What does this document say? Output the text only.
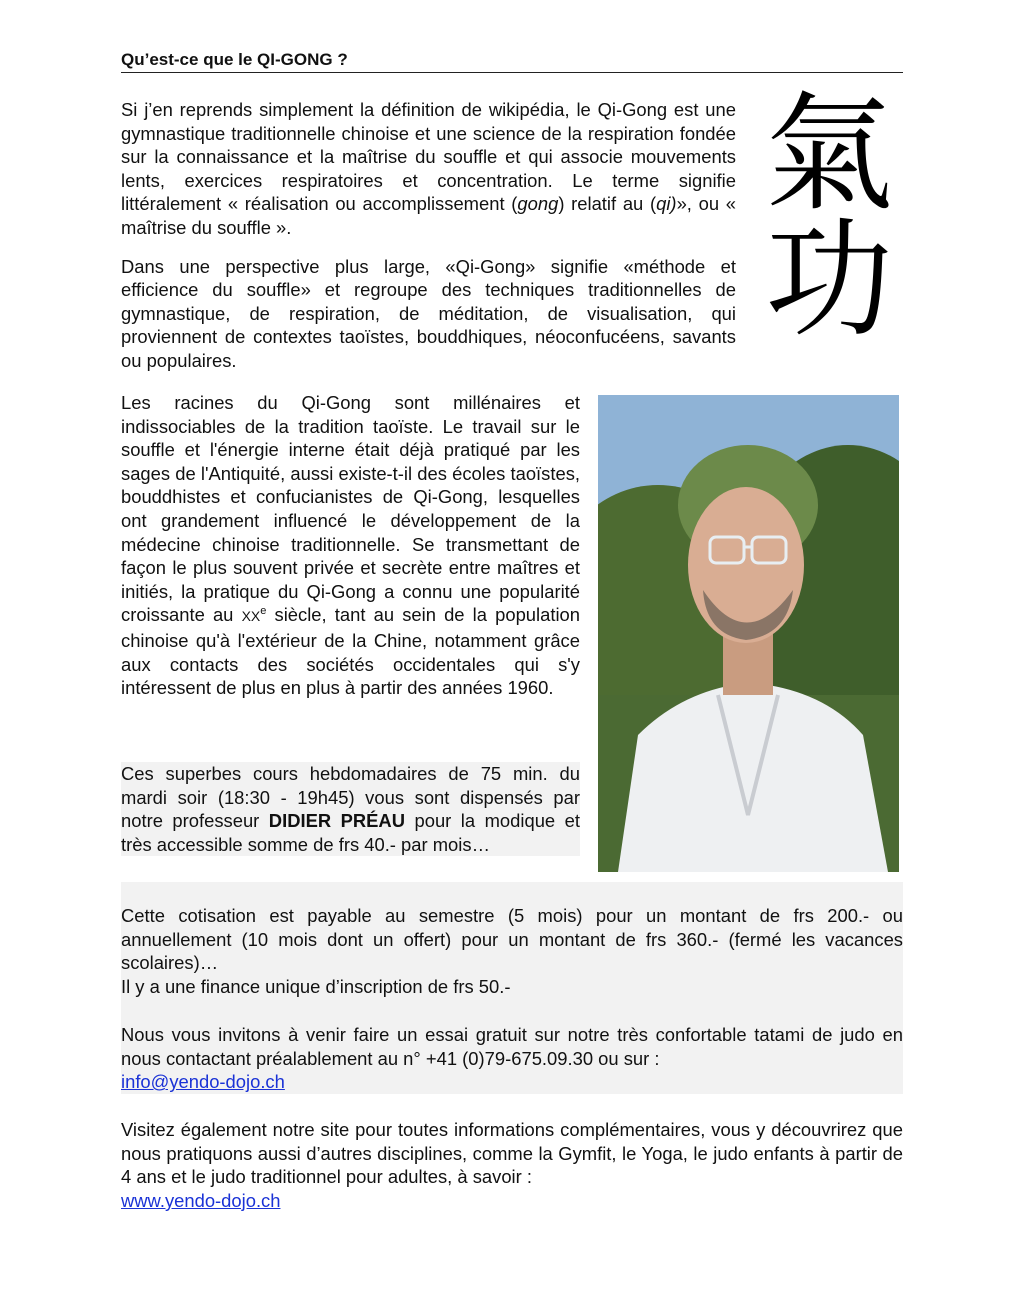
Qu’est-ce que le QI-GONG ?

Si j’en reprends simplement la définition de wikipédia, le Qi-Gong est une gymnastique traditionnelle chinoise et une science de la respiration fondée sur la connaissance et la maîtrise du souffle et qui associe mouvements lents, exercices respiratoires et concentration. Le terme signifie littéralement « réalisation ou accomplissement (gong) relatif au (qi)», ou « maîtrise du souffle ».

Dans une perspective plus large, «Qi-Gong» signifie «méthode et efficience du souffle» et regroupe des techniques traditionnelles de gymnastique, de respiration, de méditation, de visualisation, qui proviennent de contextes taoïstes, bouddhiques, néoconfucéens, savants ou populaires.

氣
功

Les racines du Qi-Gong sont millénaires et indissociables de la tradition taoïste. Le travail sur le souffle et l'énergie interne était déjà pratiqué par les sages de l'Antiquité, aussi existe-t-il des écoles taoïstes, bouddhistes et confucianistes de Qi-Gong, lesquelles ont grandement influencé le développement de la médecine chinoise traditionnelle. Se transmettant de façon le plus souvent privée et secrète entre maîtres et initiés, la pratique du Qi-Gong a connu une popularité croissante au XXe siècle, tant au sein de la population chinoise qu'à l'extérieur de la Chine, notamment grâce aux contacts des sociétés occidentales qui s'y intéressent de plus en plus à partir des années 1960.

Ces superbes cours hebdomadaires de 75 min. du mardi soir (18:30 - 19h45) vous sont dispensés par notre professeur DIDIER PRÉAU pour la modique et très accessible somme de frs 40.- par mois…

Cette cotisation est payable au semestre (5 mois) pour un montant de frs 200.- ou annuellement (10 mois dont un offert) pour un montant de frs 360.- (fermé les vacances scolaires)…

Il y a une finance unique d’inscription de frs 50.-

Nous vous invitons à venir faire un essai gratuit sur notre très confortable tatami de judo en nous contactant préalablement au n° +41 (0)79-675.09.30 ou sur :

info@yendo-dojo.ch

Visitez également notre site pour toutes informations complémentaires, vous y découvrirez que nous pratiquons aussi d’autres disciplines, comme la Gymfit, le Yoga, le judo enfants à partir de 4 ans et le judo traditionnel pour adultes, à savoir :

www.yendo-dojo.ch
